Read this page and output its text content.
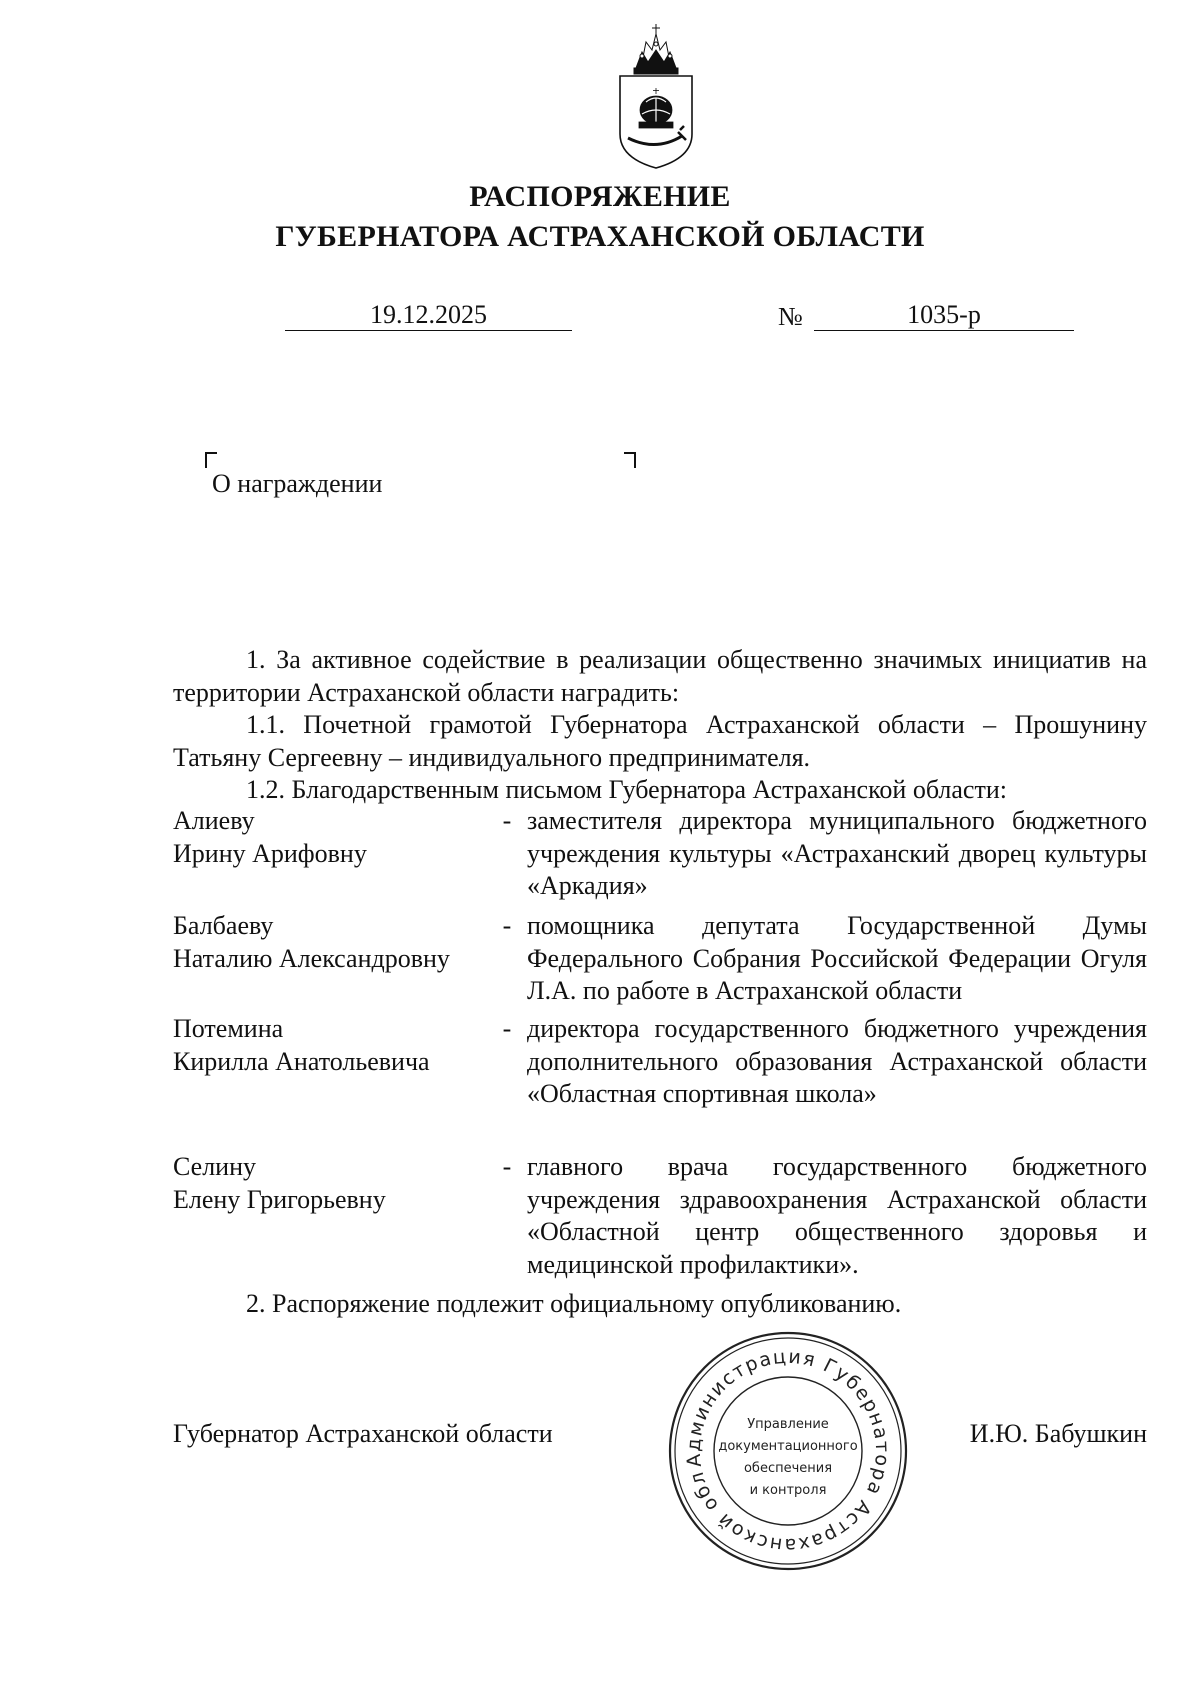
РАСПОРЯЖЕНИЕ
ГУБЕРНАТОРА АСТРАХАНСКОЙ ОБЛАСТИ
19.12.2025	№	1035-р
О награждении

1. За активное содействие в реализации общественно значимых инициатив на территории Астраханской области наградить:

1.1. Почетной грамотой Губернатора Астраханской области – Прошунину Татьяну Сергеевну – индивидуального предпринимателя.

1.2. Благодарственным письмом Губернатора Астраханской области:

Алиеву
Ирину Арифовну
- заместителя директора муниципального бюджетного учреждения культуры «Астраханский дворец культуры «Аркадия»
Балбаеву
Наталию Александровну
- помощника депутата Государственной Думы Федерального Собрания Российской Федерации Огуля Л.А. по работе в Астраханской области
Потемина
Кирилла Анатольевича
- директора государственного бюджетного учреждения дополнительного образования Астраханской области «Областная спортивная школа»
Селину
Елену Григорьевну
- главного врача государственного бюджетного учреждения здравоохранения Астраханской области «Областной центр общественного здоровья и медицинской профилактики».
2. Распоряжение подлежит официальному опубликованию.
Губернатор Астраханской области	И.Ю. Бабушкин
Администрация Губернатора Астраханской области
Управление
документационного
обеспечения
и контроля
